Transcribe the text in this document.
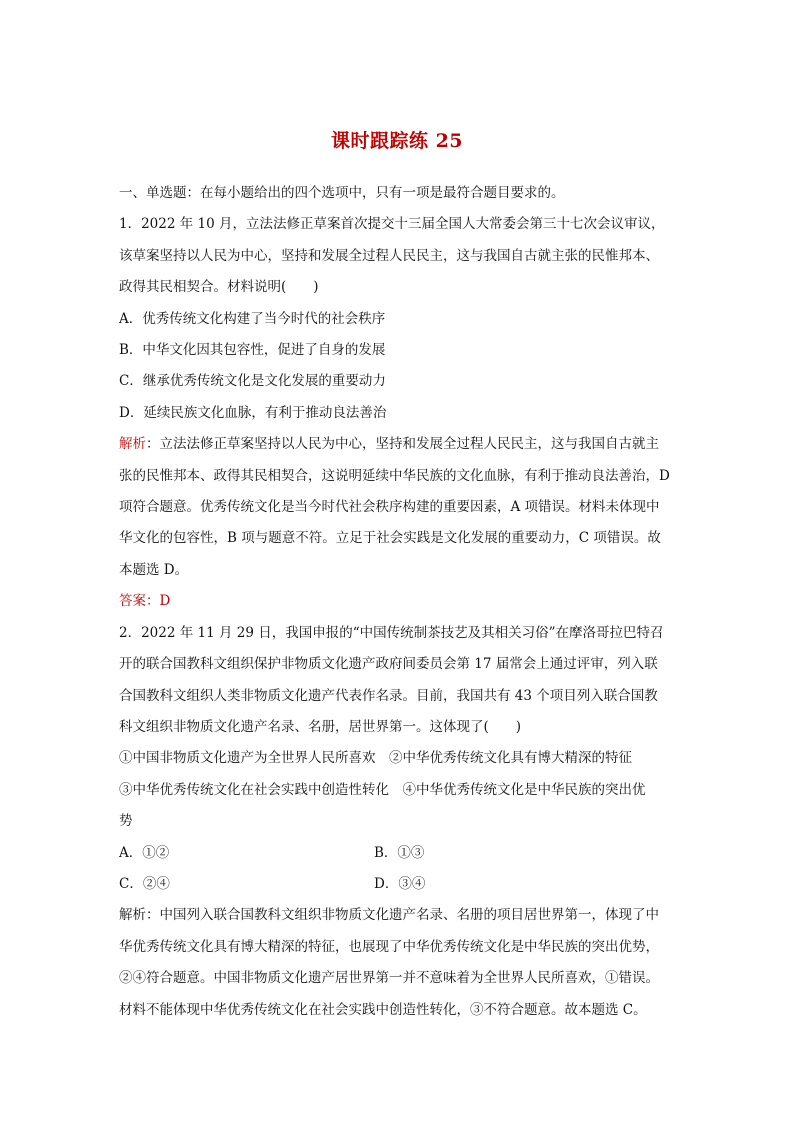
课时跟踪练 25
一、单选题：在每小题给出的四个选项中，只有一项是最符合题目要求的。
1．2022 年 10 月，立法法修正草案首次提交十三届全国人大常委会第三十七次会议审议，
该草案坚持以人民为中心，坚持和发展全过程人民民主，这与我国自古就主张的民惟邦本、
政得其民相契合。材料说明(　　)
A．优秀传统文化构建了当今时代的社会秩序
B．中华文化因其包容性，促进了自身的发展
C．继承优秀传统文化是文化发展的重要动力
D．延续民族文化血脉，有利于推动良法善治
解析：立法法修正草案坚持以人民为中心，坚持和发展全过程人民民主，这与我国自古就主
张的民惟邦本、政得其民相契合，这说明延续中华民族的文化血脉，有利于推动良法善治，D
项符合题意。优秀传统文化是当今时代社会秩序构建的重要因素，A 项错误。材料未体现中
华文化的包容性，B 项与题意不符。立足于社会实践是文化发展的重要动力，C 项错误。故
本题选 D。
答案：D
2．2022 年 11 月 29 日，我国申报的“中国传统制茶技艺及其相关习俗”在摩洛哥拉巴特召
开的联合国教科文组织保护非物质文化遗产政府间委员会第 17 届常会上通过评审，列入联
合国教科文组织人类非物质文化遗产代表作名录。目前，我国共有 43 个项目列入联合国教
科文组织非物质文化遗产名录、名册，居世界第一。这体现了(　　)
①中国非物质文化遗产为全世界人民所喜欢　②中华优秀传统文化具有博大精深的特征
③中华优秀传统文化在社会实践中创造性转化　④中华优秀传统文化是中华民族的突出优
势
A．①②	B．①③
C．②④	D．③④
解析：中国列入联合国教科文组织非物质文化遗产名录、名册的项目居世界第一，体现了中
华优秀传统文化具有博大精深的特征，也展现了中华优秀传统文化是中华民族的突出优势，
②④符合题意。中国非物质文化遗产居世界第一并不意味着为全世界人民所喜欢，①错误。
材料不能体现中华优秀传统文化在社会实践中创造性转化，③不符合题意。故本题选 C。
